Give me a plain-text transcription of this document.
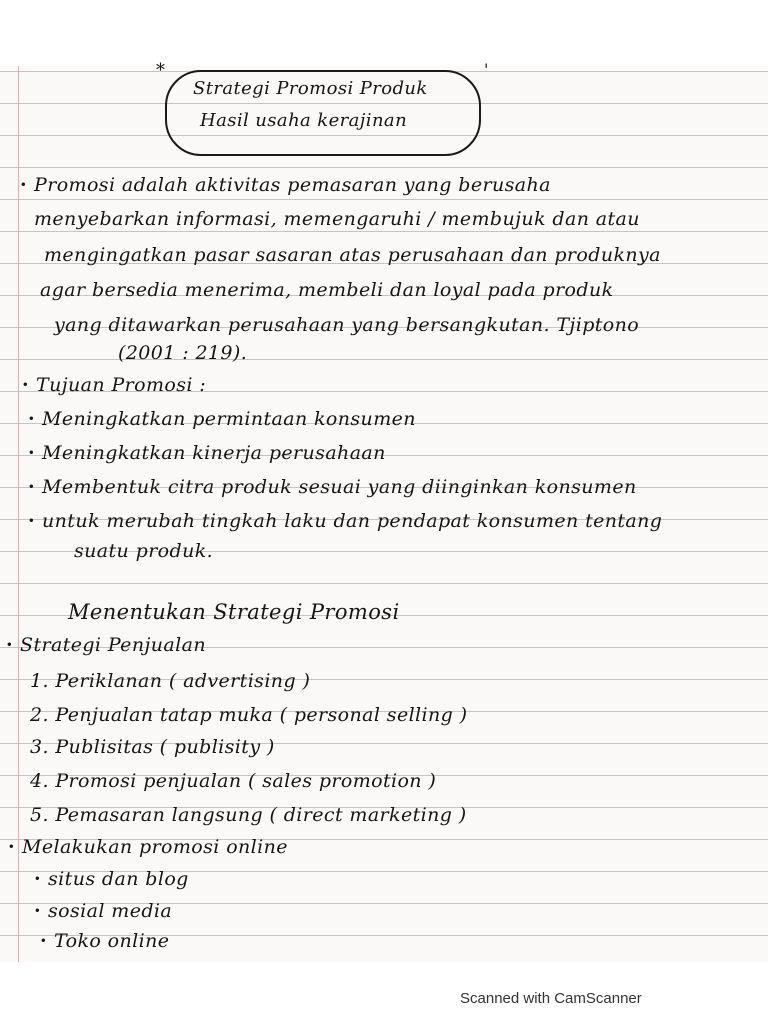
*	'
Strategi Promosi Produk
Hasil usaha kerajinan
· Promosi adalah aktivitas pemasaran yang berusaha
menyebarkan informasi, memengaruhi / membujuk dan atau
mengingatkan pasar sasaran atas perusahaan dan produknya
agar bersedia menerima, membeli dan loyal pada produk
yang ditawarkan perusahaan yang bersangkutan. Tjiptono
(2001 : 219).
· Tujuan Promosi :
· Meningkatkan permintaan konsumen
· Meningkatkan kinerja perusahaan
· Membentuk citra produk sesuai yang diinginkan konsumen
· untuk merubah tingkah laku dan pendapat konsumen tentang
suatu produk.
Menentukan Strategi Promosi
· Strategi Penjualan
1. Periklanan ( advertising )
2. Penjualan tatap muka ( personal selling )
3. Publisitas ( publisity )
4. Promosi penjualan ( sales promotion )
5. Pemasaran langsung ( direct marketing )
· Melakukan promosi online
· situs dan blog
· sosial media
· Toko online
Scanned with CamScanner
